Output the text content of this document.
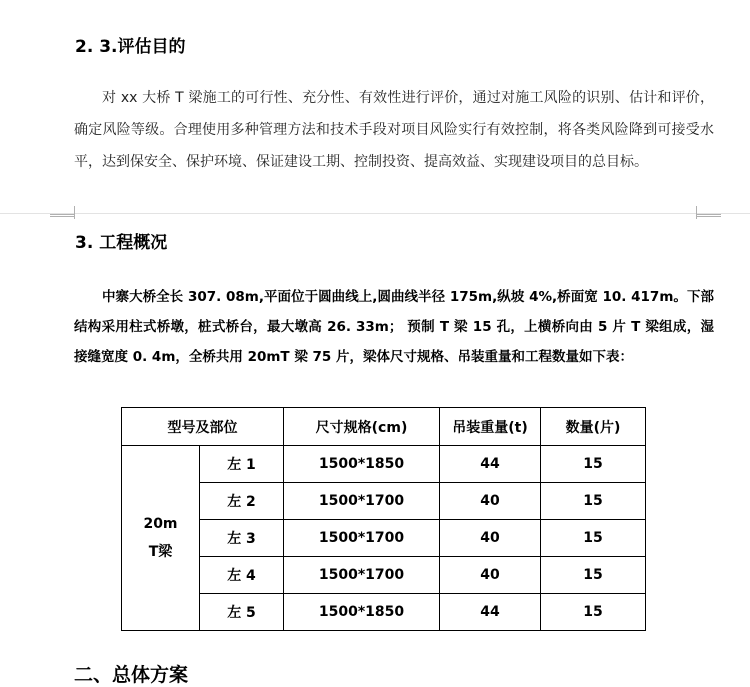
2. 3.评估目的

对 xx 大桥 T 梁施工的可行性、充分性、有效性进行评价，通过对施工风险的识别、估计和评价，确定风险等级。合理使用多种管理方法和技术手段对项目风险实行有效控制，将各类风险降到可接受水平，达到保安全、保护环境、保证建设工期、控制投资、提高效益、实现建设项目的总目标。

3. 工程概况

中寨大桥全长 307. 08m,平面位于圆曲线上,圆曲线半径 175m,纵坡 4%,桥面宽 10. 417m。下部结构采用柱式桥墩，桩式桥台，最大墩高 26. 33m； 预制 T 梁 15 孔，上横桥向由 5 片 T 梁组成，湿接缝宽度 0. 4m，全桥共用 20mT 梁 75 片，梁体尺寸规格、吊装重量和工程数量如下表：

型号及部位		尺寸规格(cm)	吊装重量(t)	数量(片)
20m
T梁	左 1	1500*1850	44	15
	左 2	1500*1700	40	15
	左 3	1500*1700	40	15
	左 4	1500*1700	40	15
	左 5	1500*1850	44	15
二、总体方案
